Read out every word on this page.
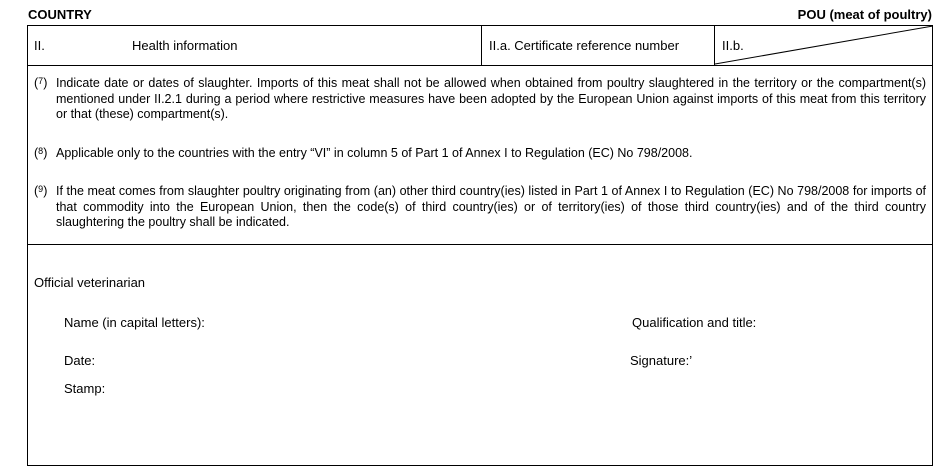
COUNTRY	POU (meat of poultry)
II.	Health information	II.a. Certificate reference number	II.b.
($^7$) Indicate date or dates of slaughter. Imports of this meat shall not be allowed when obtained from poultry slaughtered in the territory or the compartment(s) mentioned under II.2.1 during a period where restrictive measures have been adopted by the European Union against imports of this meat from this territory or that (these) compartment(s).
($^8$) Applicable only to the countries with the entry “VI” in column 5 of Part 1 of Annex I to Regulation (EC) No 798/2008.
($^9$) If the meat comes from slaughter poultry originating from (an) other third country(ies) listed in Part 1 of Annex I to Regulation (EC) No 798/2008 for imports of that commodity into the European Union, then the code(s) of third country(ies) or of territory(ies) of those third country(ies) and of the third country slaughtering the poultry shall be indicated.
Official veterinarian
Name (in capital letters):	Qualification and title:
Date:	Signature:’
Stamp:
